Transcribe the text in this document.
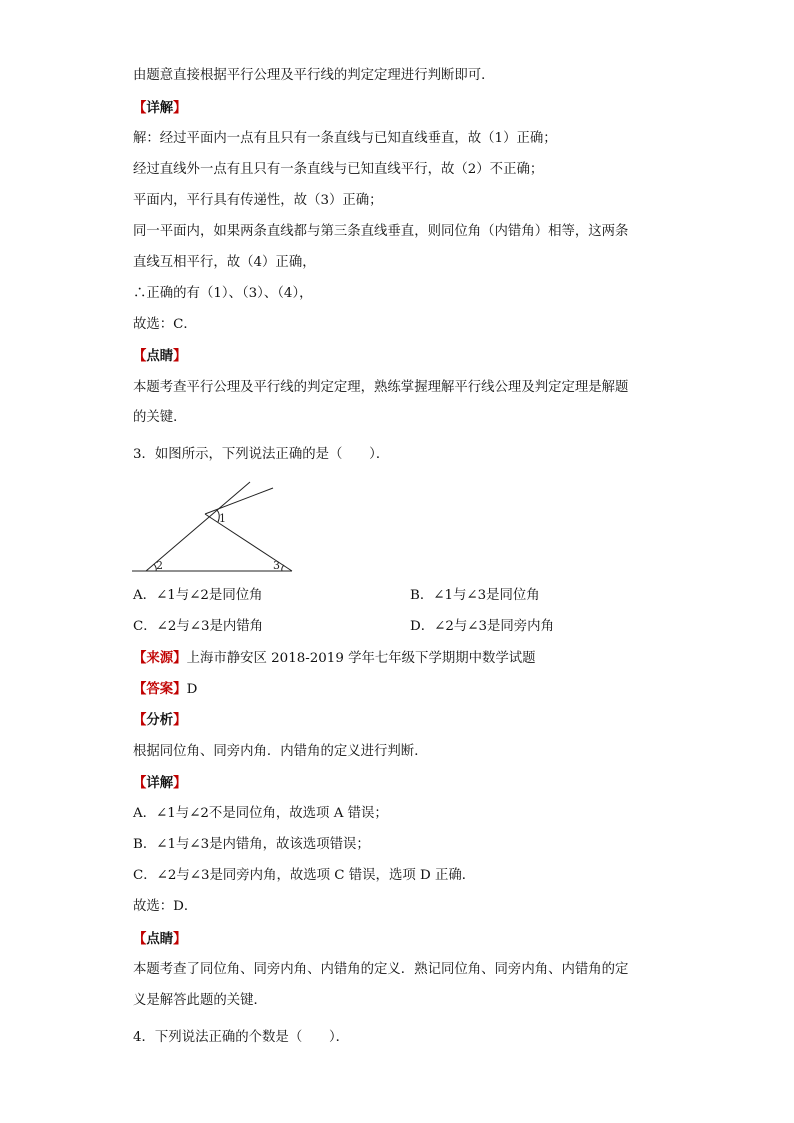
由题意直接根据平行公理及平行线的判定定理进行判断即可．
【详解】
解：经过平面内一点有且只有一条直线与已知直线垂直，故（1）正确；
经过直线外一点有且只有一条直线与已知直线平行，故（2）不正确；
平面内，平行具有传递性，故（3）正确；
同一平面内，如果两条直线都与第三条直线垂直，则同位角（内错角）相等，这两条
直线互相平行，故（4）正确，
∴正确的有（1）、（3）、（4），
故选：C．
【点睛】
本题考查平行公理及平行线的判定定理，熟练掌握理解平行线公理及判定定理是解题
的关键．
3．如图所示，下列说法正确的是（　　）．
1
2	3
A．∠1与∠2是同位角	B．∠1与∠3是同位角
C．∠2与∠3是内错角	D．∠2与∠3是同旁内角
【来源】上海市静安区 2018-2019 学年七年级下学期期中数学试题
【答案】D
【分析】
根据同位角、同旁内角．内错角的定义进行判断．
【详解】
A．∠1与∠2不是同位角，故选项 A 错误；
B．∠1与∠3是内错角，故该选项错误；
C．∠2与∠3是同旁内角，故选项 C 错误，选项 D 正确．
故选：D．
【点睛】
本题考查了同位角、同旁内角、内错角的定义．熟记同位角、同旁内角、内错角的定
义是解答此题的关键．
4．下列说法正确的个数是（　　）．
